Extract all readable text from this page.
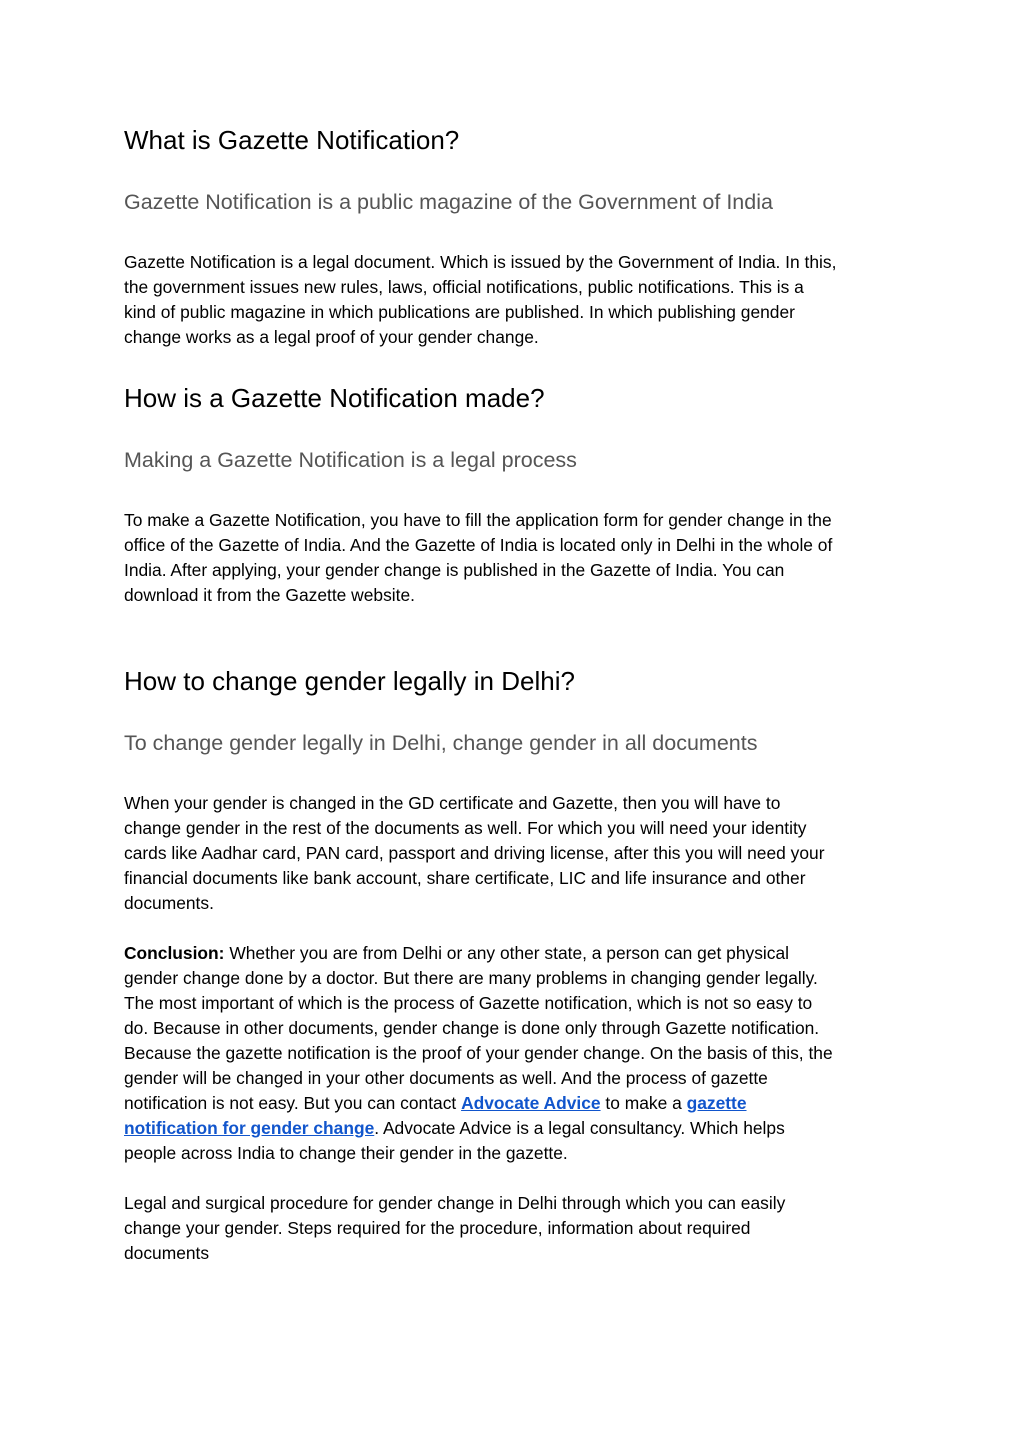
What is Gazette Notification?
Gazette Notification is a public magazine of the Government of India

Gazette Notification is a legal document. Which is issued by the Government of India. In this,
the government issues new rules, laws, official notifications, public notifications. This is a
kind of public magazine in which publications are published. In which publishing gender
change works as a legal proof of your gender change.

How is a Gazette Notification made?
Making a Gazette Notification is a legal process

To make a Gazette Notification, you have to fill the application form for gender change in the
office of the Gazette of India. And the Gazette of India is located only in Delhi in the whole of
India. After applying, your gender change is published in the Gazette of India. You can
download it from the Gazette website.

How to change gender legally in Delhi?
To change gender legally in Delhi, change gender in all documents

When your gender is changed in the GD certificate and Gazette, then you will have to
change gender in the rest of the documents as well. For which you will need your identity
cards like Aadhar card, PAN card, passport and driving license, after this you will need your
financial documents like bank account, share certificate, LIC and life insurance and other
documents.

Conclusion: Whether you are from Delhi or any other state, a person can get physical
gender change done by a doctor. But there are many problems in changing gender legally.
The most important of which is the process of Gazette notification, which is not so easy to
do. Because in other documents, gender change is done only through Gazette notification.
Because the gazette notification is the proof of your gender change. On the basis of this, the
gender will be changed in your other documents as well. And the process of gazette
notification is not easy. But you can contact Advocate Advice to make a gazette
notification for gender change. Advocate Advice is a legal consultancy. Which helps
people across India to change their gender in the gazette.

Legal and surgical procedure for gender change in Delhi through which you can easily
change your gender. Steps required for the procedure, information about required
documents
